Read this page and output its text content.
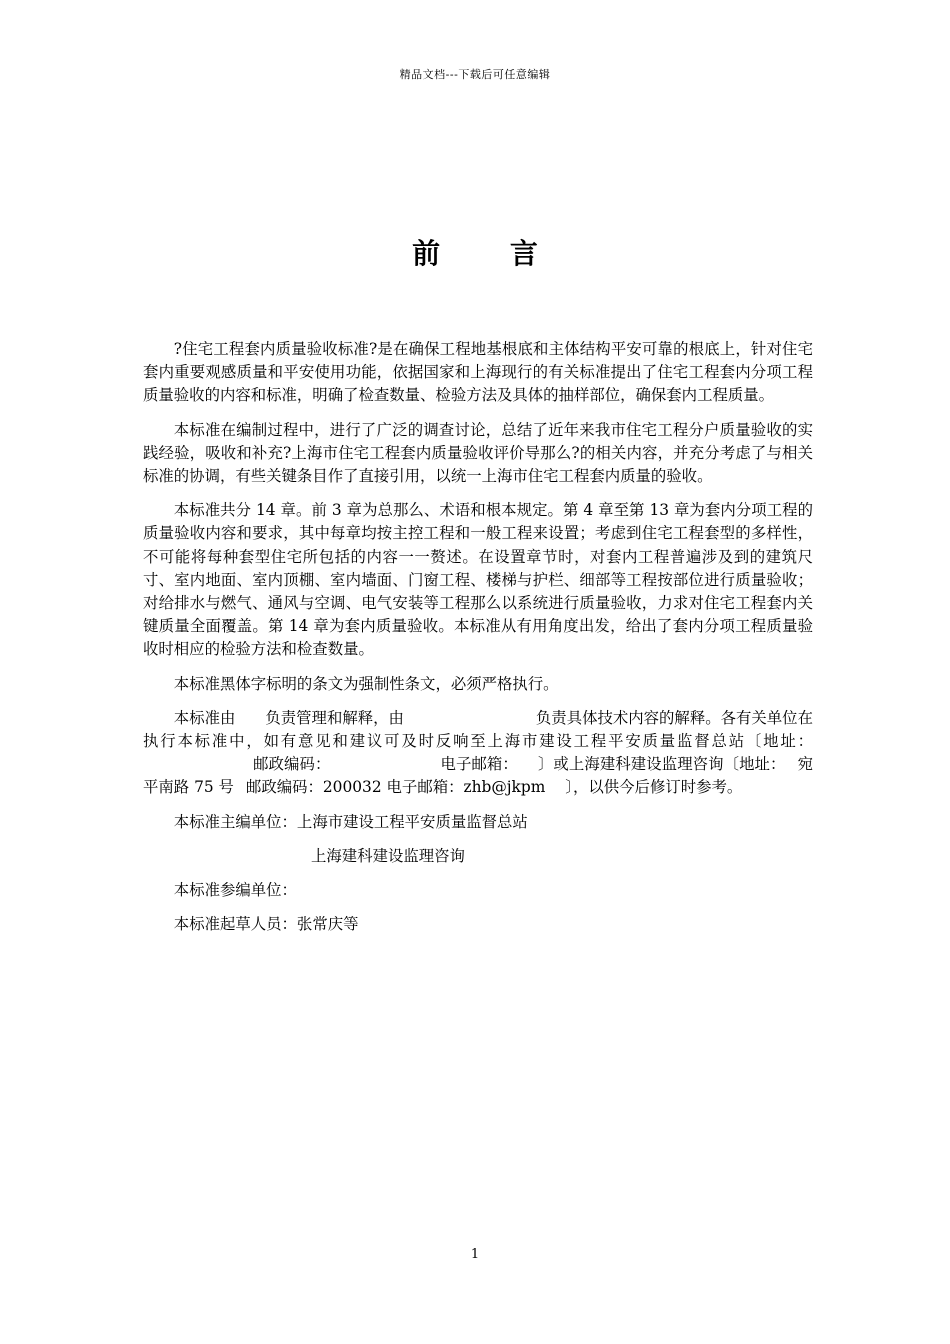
精品文档---下载后可任意编辑
前 言

?住宅工程套内质量验收标准?是在确保工程地基根底和主体结构平安可靠的根底上，针对住宅套内重要观感质量和平安使用功能，依据国家和上海现行的有关标准提出了住宅工程套内分项工程质量验收的内容和标准，明确了检查数量、检验方法及具体的抽样部位，确保套内工程质量。

本标准在编制过程中，进行了广泛的调查讨论，总结了近年来我市住宅工程分户质量验收的实践经验，吸收和补充?上海市住宅工程套内质量验收评价导那么?的相关内容，并充分考虑了与相关标准的协调，有些关键条目作了直接引用，以统一上海市住宅工程套内质量的验收。

本标准共分 14 章。前 3 章为总那么、术语和根本规定。第 4 章至第 13 章为套内分项工程的质量验收内容和要求，其中每章均按主控工程和一般工程来设置；考虑到住宅工程套型的多样性，不可能将每种套型住宅所包括的内容一一赘述。在设置章节时，对套内工程普遍涉及到的建筑尺寸、室内地面、室内顶棚、室内墙面、门窗工程、楼梯与护栏、细部等工程按部位进行质量验收；对给排水与燃气、通风与空调、电气安装等工程那么以系统进行质量验收，力求对住宅工程套内关键质量全面覆盖。第 14 章为套内质量验收。本标准从有用角度出发，给出了套内分项工程质量验收时相应的检验方法和检查数量。

本标准黑体字标明的条文为强制性条文，必须严格执行。

本标准由 负责管理和解释，由	负责具体技术内容的解释。各有关单位在执行本标准中，如有意见和建议可及时反响至上海市建设工程平安质量监督总站〔地址：邮政编码：	电子邮箱： 〕或上海建科建设监理咨询〔地址： 宛平南路 75 号 邮政编码：200032 电子邮箱：zhb@jkpm 〕，以供今后修订时参考。

本标准主编单位：上海市建设工程平安质量监督总站

上海建科建设监理咨询

本标准参编单位：

本标准起草人员：张常庆等

1
